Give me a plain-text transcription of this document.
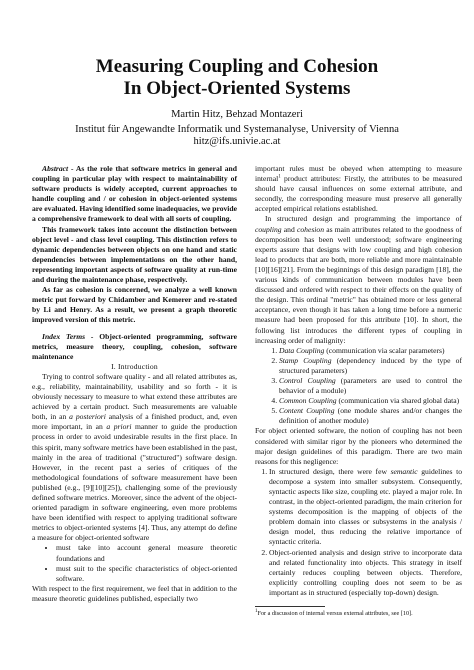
Measuring Coupling and Cohesion
In Object-Oriented Systems
Martin Hitz, Behzad Montazeri
Institut für Angewandte Informatik und Systemanalyse, University of Vienna
hitz@ifs.univie.ac.at

Abstract - As the role that software metrics in general and coupling in particular play with respect to maintainability of software products is widely accepted, current approaches to handle coupling and / or cohesion in object-oriented systems are evaluated. Having identified some inadequacies, we provide a comprehensive framework to deal with all sorts of coupling.

This framework takes into account the distinction between object level - and class level coupling. This distinction refers to dynamic dependencies between objects on one hand and static dependencies between implementations on the other hand, representing important aspects of software quality at run-time and during the maintenance phase, respectively.

As far as cohesion is concerned, we analyze a well known metric put forward by Chidamber and Kemerer and re-stated by Li and Henry. As a result, we present a graph theoretic improved version of this metric.

Index Terms - Object-oriented programming, software metrics, measure theory, coupling, cohesion, software maintenance

I. Introduction

Trying to control software quality - and all related attributes as, e.g., reliability, maintainability, usability and so forth - it is obviously necessary to measure to what extend these attributes are achieved by a certain product. Such measurements are valuable both, in an a posteriori analysis of a finished product, and, even more important, in an a priori manner to guide the production process in order to avoid undesirable results in the first place. In this spirit, many software metrics have been established in the past, mainly in the area of traditional ("structured") software design. However, in the recent past a series of critiques of the methodological foundations of software measurement have been published (e.g., [9][10][25]), challenging some of the previously defined software metrics. Moreover, since the advent of the object-oriented paradigm in software engineering, even more problems have been identified with respect to applying traditional software metrics to object-oriented systems [4]. Thus, any attempt do define a measure for object-oriented software

• must take into account general measure theoretic foundations and
• must suit to the specific characteristics of object-oriented software.

With respect to the first requirement, we feel that in addition to the measure theoretic guidelines published, especially two

important rules must be obeyed when attempting to measure internal$^1$ product attributes: Firstly, the attributes to be measured should have causal influences on some external attribute, and secondly, the corresponding measure must preserve all generally accepted empirical relations established.

In structured design and programming the importance of coupling and cohesion as main attributes related to the goodness of decomposition has been well understood; software engineering experts assure that designs with low coupling and high cohesion lead to products that are both, more reliable and more maintainable [10][16][21]. From the beginnings of this design paradigm [18], the various kinds of communication between modules have been discussed and ordered with respect to their effects on the quality of the design. This ordinal "metric" has obtained more or less general acceptance, even though it has taken a long time before a numeric measure had been proposed for this attribute [10]. In short, the following list introduces the different types of coupling in increasing order of malignity:

1. Data Coupling (communication via scalar parameters)
2. Stamp Coupling (dependency induced by the type of structured parameters)
3. Control Coupling (parameters are used to control the behavior of a module)
4. Common Coupling (communication via shared global data)
5. Content Coupling (one module shares and/or changes the definition of another module)

For object oriented software, the notion of coupling has not been considered with similar rigor by the pioneers who determined the major design guidelines of this paradigm. There are two main reasons for this negligence:

1. In structured design, there were few semantic guidelines to decompose a system into smaller subsystem. Consequently, syntactic aspects like size, coupling etc. played a major role. In contrast, in the object-oriented paradigm, the main criterion for systems decomposition is the mapping of objects of the problem domain into classes or subsystems in the analysis / design model, thus reducing the relative importance of syntactic criteria.
2. Object-oriented analysis and design strive to incorporate data and related functionality into objects. This strategy in itself certainly reduces coupling between objects. Therefore, explicitly controlling coupling does not seem to be as important as in structured (especially top-down) design.

$^1$For a discussion of internal versus external attributes, see [10].
